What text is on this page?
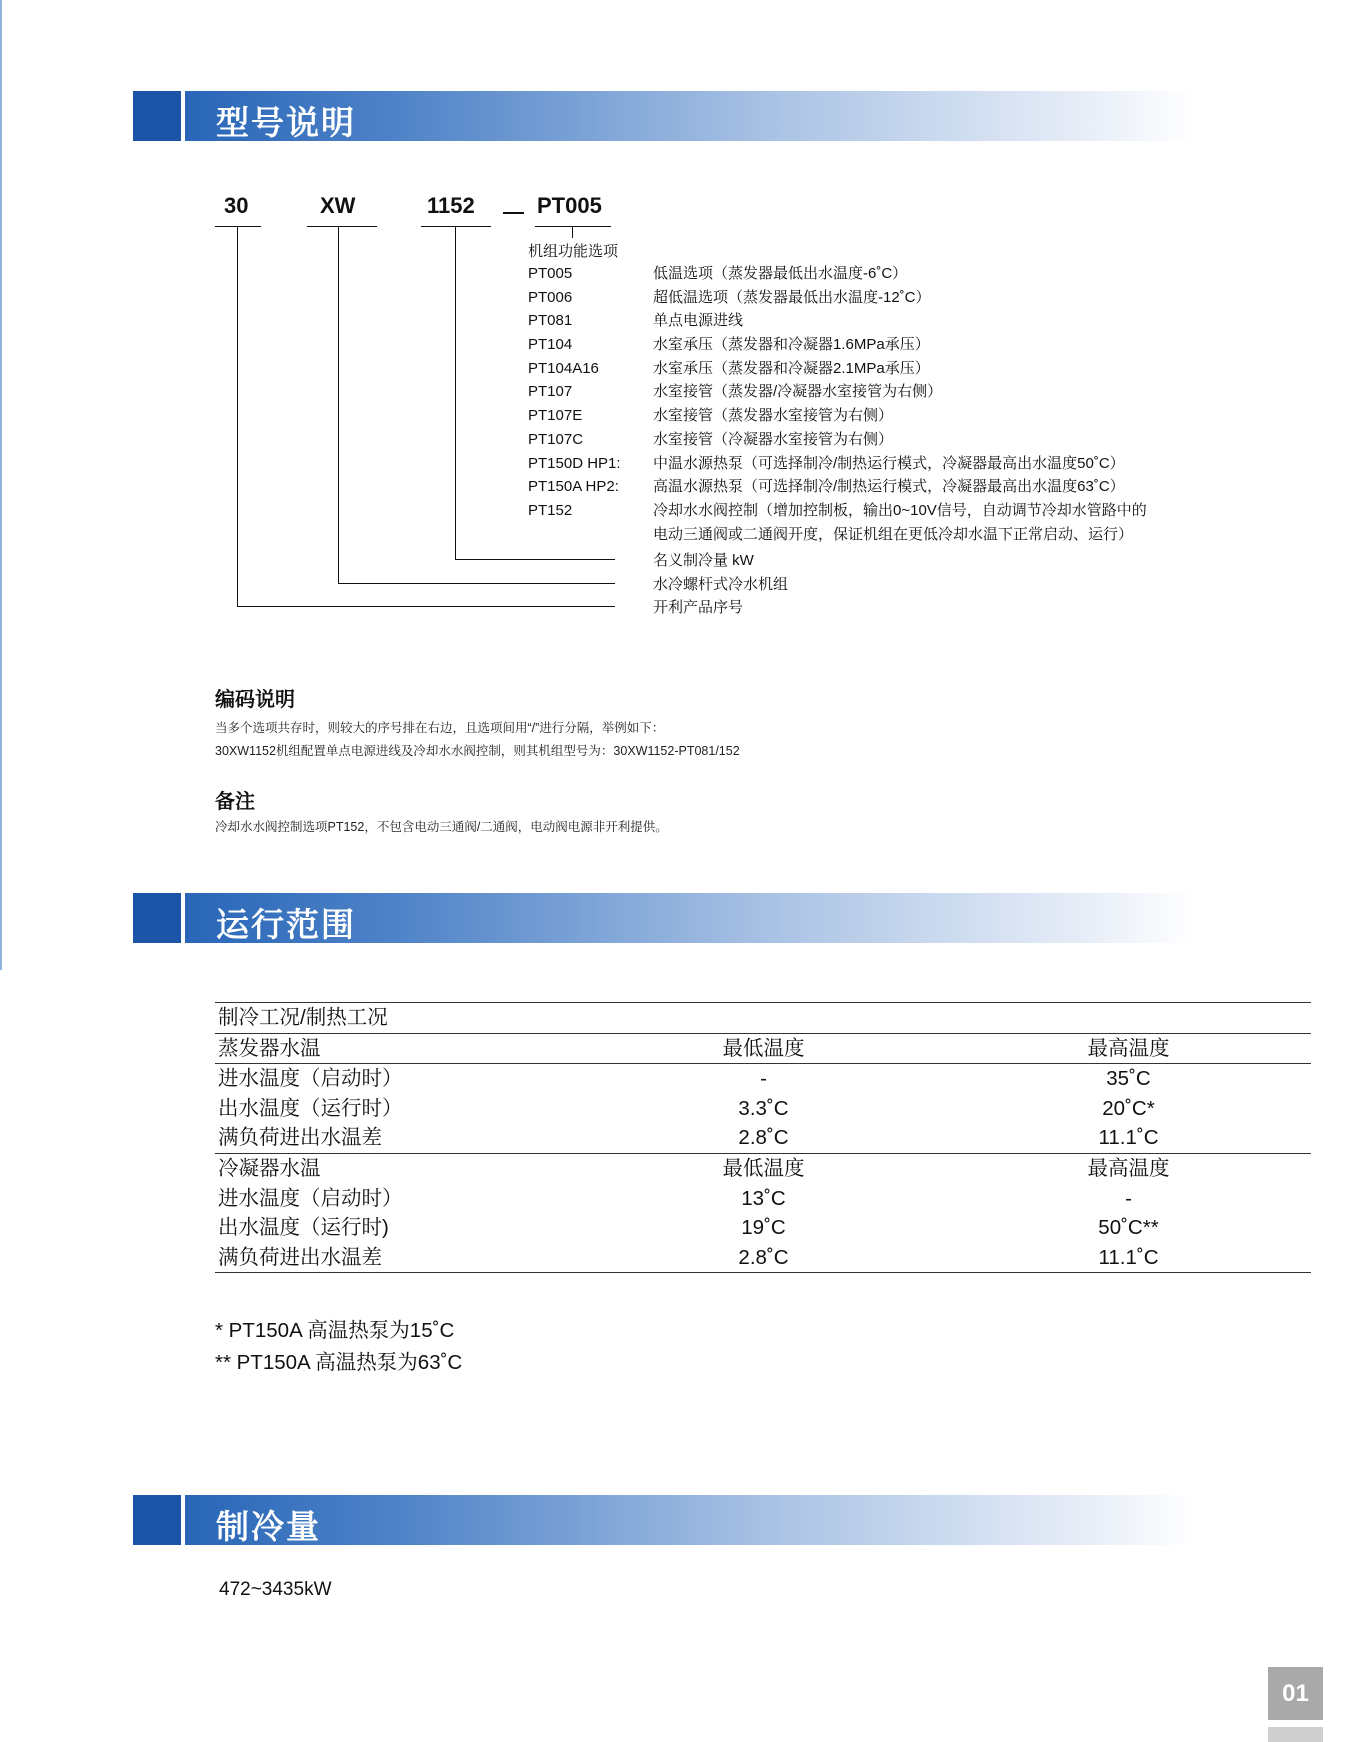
型号说明
30	XW	1152	PT005
机组功能选项
PT005	低温选项（蒸发器最低出水温度-6˚C）
PT006	超低温选项（蒸发器最低出水温度-12˚C）
PT081	单点电源进线
PT104	水室承压（蒸发器和冷凝器1.6MPa承压）
PT104A16	水室承压（蒸发器和冷凝器2.1MPa承压）
PT107	水室接管（蒸发器/冷凝器水室接管为右侧）
PT107E	水室接管（蒸发器水室接管为右侧）
PT107C	水室接管（冷凝器水室接管为右侧）
PT150D HP1: 中温水源热泵（可选择制冷/制热运行模式，冷凝器最高出水温度50˚C）
PT150A HP2: 高温水源热泵（可选择制冷/制热运行模式，冷凝器最高出水温度63˚C）
PT152	冷却水水阀控制（增加控制板，输出0~10V信号，自动调节冷却水管路中的
电动三通阀或二通阀开度，保证机组在更低冷却水温下正常启动、运行）
名义制冷量 kW
水冷螺杆式冷水机组
开利产品序号
编码说明
当多个选项共存时，则较大的序号排在右边，且选项间用“/”进行分隔，举例如下：
30XW1152机组配置单点电源进线及冷却水水阀控制，则其机组型号为：30XW1152-PT081/152
备注
冷却水水阀控制选项PT152，不包含电动三通阀/二通阀，电动阀电源非开利提供。
运行范围
制冷工况/制热工况		
蒸发器水温	最低温度	最高温度
进水温度（启动时）	-	35˚C
出水温度（运行时）	3.3˚C	20˚C*
满负荷进出水温差	2.8˚C	11.1˚C
冷凝器水温	最低温度	最高温度
进水温度（启动时）	13˚C	-
出水温度（运行时)	19˚C	50˚C**
满负荷进出水温差	2.8˚C	11.1˚C
* PT150A 高温热泵为15˚C
** PT150A 高温热泵为63˚C
制冷量
472~3435kW
01
